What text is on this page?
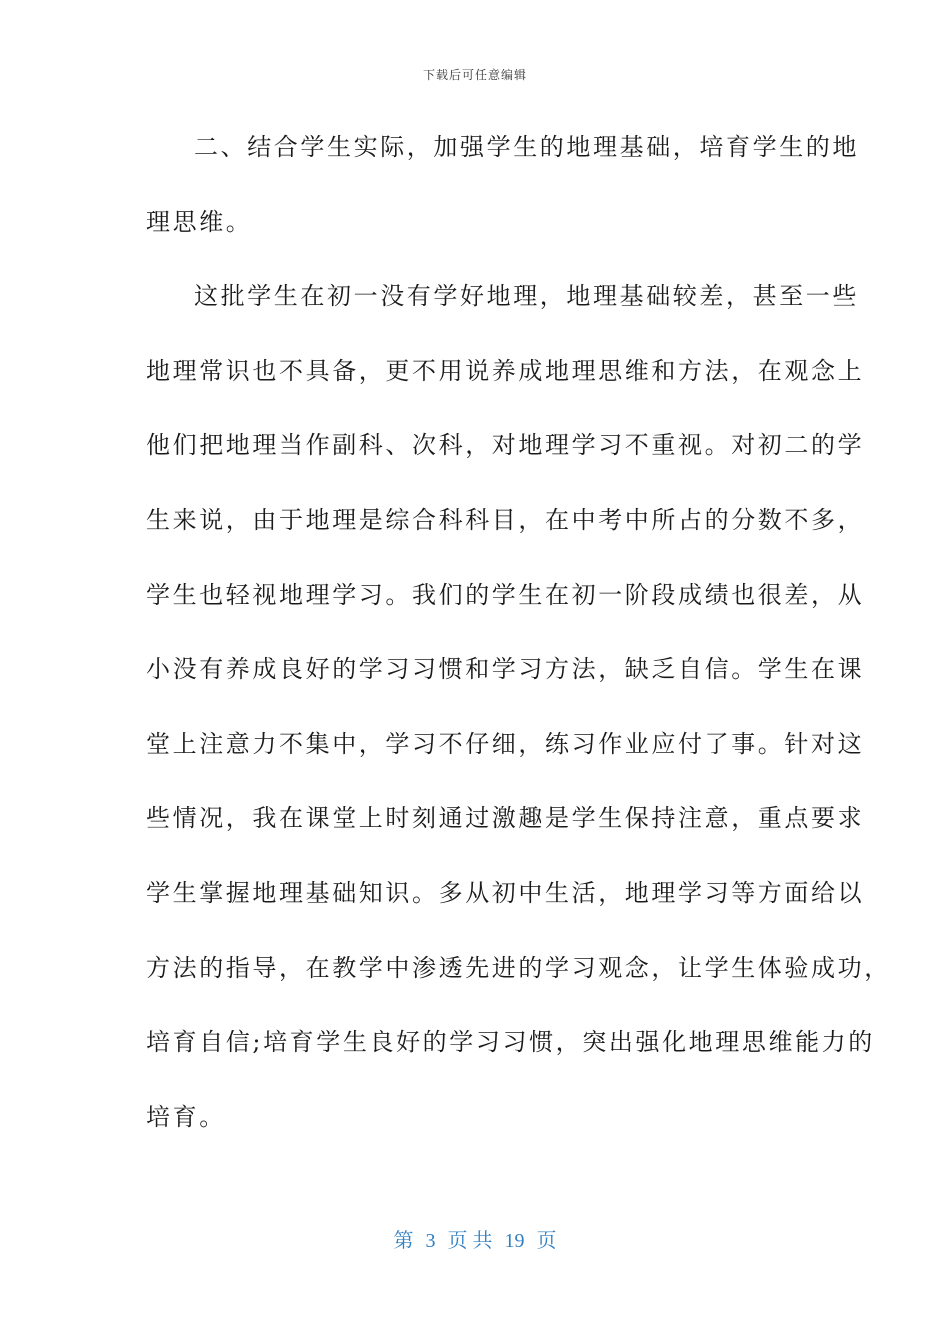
下载后可任意编辑
二、结合学生实际，加强学生的地理基础，培育学生的地
理思维。
这批学生在初一没有学好地理，地理基础较差，甚至一些
地理常识也不具备，更不用说养成地理思维和方法，在观念上
他们把地理当作副科、次科，对地理学习不重视。对初二的学
生来说，由于地理是综合科科目，在中考中所占的分数不多，
学生也轻视地理学习。我们的学生在初一阶段成绩也很差，从
小没有养成良好的学习习惯和学习方法，缺乏自信。学生在课
堂上注意力不集中，学习不仔细，练习作业应付了事。针对这
些情况，我在课堂上时刻通过激趣是学生保持注意，重点要求
学生掌握地理基础知识。多从初中生活，地理学习等方面给以
方法的指导，在教学中渗透先进的学习观念，让学生体验成功，
培育自信;培育学生良好的学习习惯，突出强化地理思维能力的
培育。
第 3 页 共 19 页
